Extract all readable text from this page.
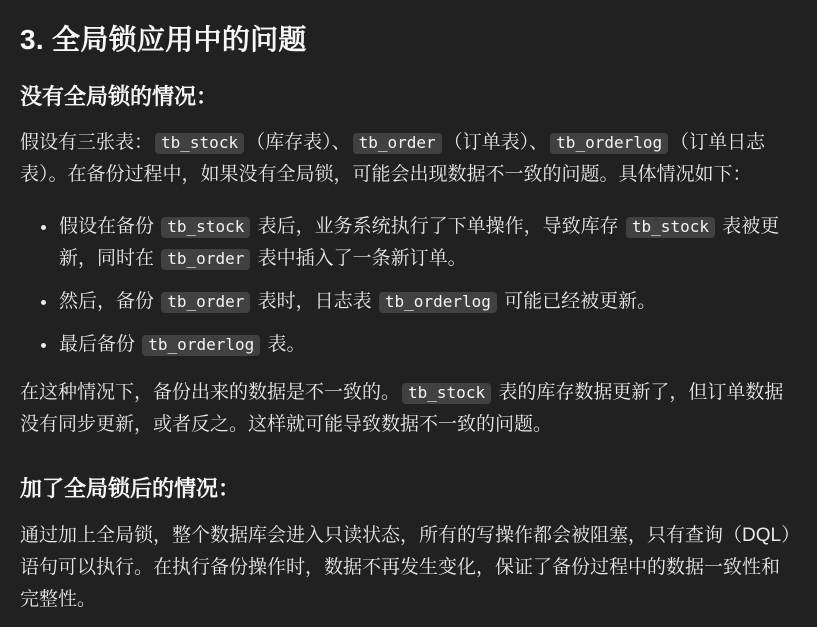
3. 全局锁应用中的问题
没有全局锁的情况：

假设有三张表： tb_stock （库存表）、 tb_order （订单表）、 tb_orderlog （订单日志表）。在备份过程中，如果没有全局锁，可能会出现数据不一致的问题。具体情况如下：

• 假设在备份 tb_stock 表后，业务系统执行了下单操作，导致库存 tb_stock 表被更新，同时在 tb_order 表中插入了一条新订单。
• 然后，备份 tb_order 表时，日志表 tb_orderlog 可能已经被更新。
• 最后备份 tb_orderlog 表。

在这种情况下，备份出来的数据是不一致的。 tb_stock 表的库存数据更新了，但订单数据没有同步更新，或者反之。这样就可能导致数据不一致的问题。

加了全局锁后的情况：

通过加上全局锁，整个数据库会进入只读状态，所有的写操作都会被阻塞，只有查询（DQL）语句可以执行。在执行备份操作时，数据不再发生变化，保证了备份过程中的数据一致性和完整性。
